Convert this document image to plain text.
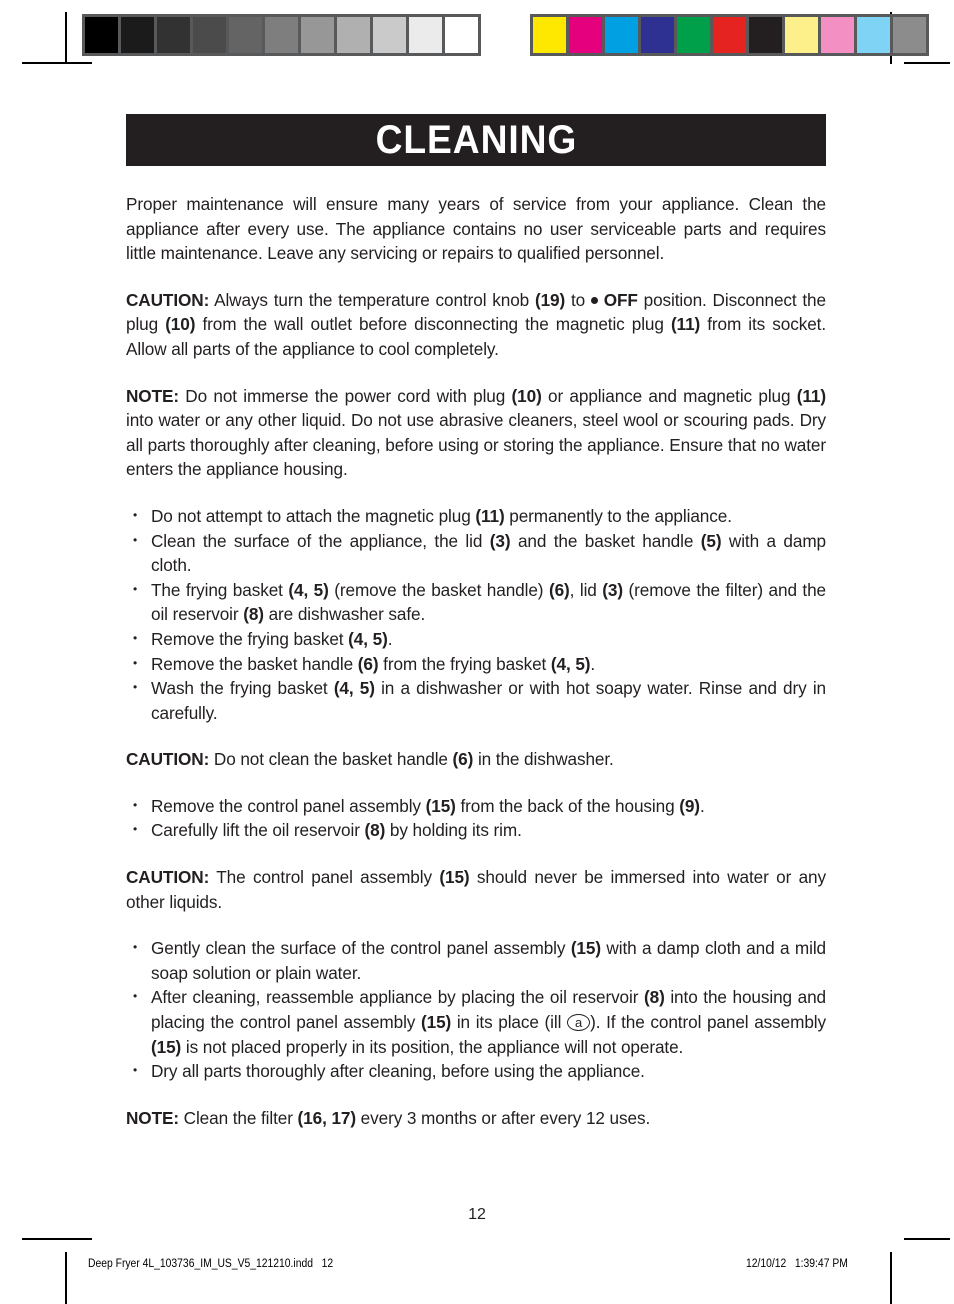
CLEANING

Proper maintenance will ensure many years of service from your appliance. Clean the appliance after every use. The appliance contains no user serviceable parts and requires little maintenance. Leave any servicing or repairs to qualified personnel.

CAUTION: Always turn the temperature control knob (19) to  OFF position. Disconnect the plug (10) from the wall outlet before disconnecting the magnetic plug (11) from its socket. Allow all parts of the appliance to cool completely.

NOTE: Do not immerse the power cord with plug (10) or appliance and magnetic plug (11) into water or any other liquid. Do not use abrasive cleaners, steel wool or scouring pads. Dry all parts thoroughly after cleaning, before using or storing the appliance. Ensure that no water enters the appliance housing.

• Do not attempt to attach the magnetic plug (11) permanently to the appliance.
• Clean the surface of the appliance, the lid (3) and the basket handle (5) with a damp cloth.
• The frying basket (4, 5) (remove the basket handle) (6), lid (3) (remove the filter) and the oil reservoir (8) are dishwasher safe.
• Remove the frying basket (4, 5).
• Remove the basket handle (6) from the frying basket (4, 5).
• Wash the frying basket (4, 5) in a dishwasher or with hot soapy water. Rinse and dry in carefully.

CAUTION: Do not clean the basket handle (6) in the dishwasher.

• Remove the control panel assembly (15) from the back of the housing (9).
• Carefully lift the oil reservoir (8) by holding its rim.

CAUTION: The control panel assembly (15) should never be immersed into water or any other liquids.

• Gently clean the surface of the control panel assembly (15) with a damp cloth and a mild soap solution or plain water.
• After cleaning, reassemble appliance by placing the oil reservoir (8) into the housing and placing the control panel assembly (15) in its place (ill a ). If the control panel assembly (15) is not placed properly in its position, the appliance will not operate.
• Dry all parts thoroughly after cleaning, before using the appliance.

NOTE: Clean the filter (16, 17) every 3 months or after every 12 uses.

12
Deep Fryer 4L_103736_IM_US_V5_121210.indd   12	12/10/12   1:39:47 PM
